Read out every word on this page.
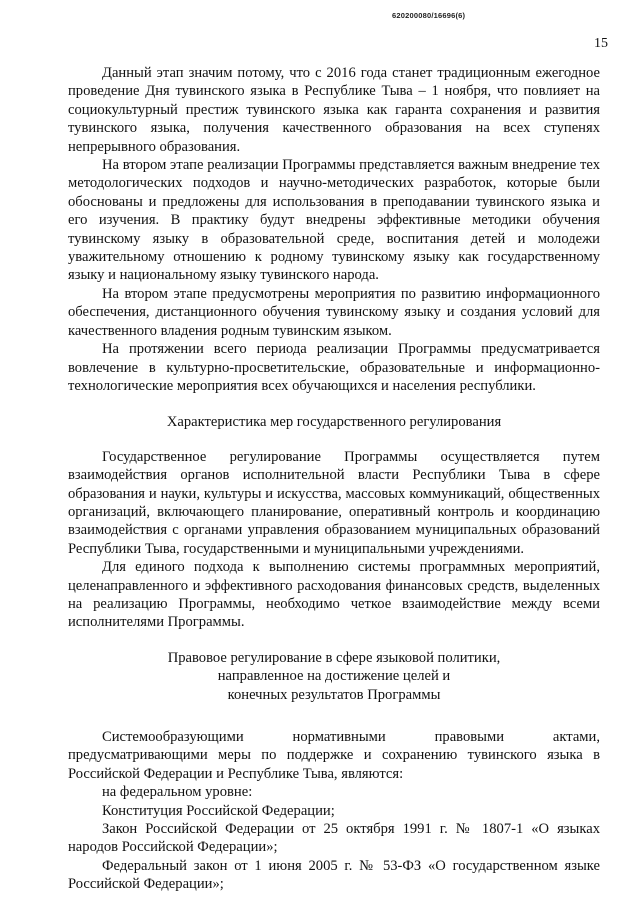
620200080/16696(6)
15

Данный этап значим потому, что с 2016 года станет традиционным ежегодное проведение Дня тувинского языка в Республике Тыва – 1 ноября, что повлияет на социокультурный престиж тувинского языка как гаранта сохранения и развития тувинского языка, получения качественного образования на всех ступенях непрерывного образования.

На втором этапе реализации Программы представляется важным внедрение тех методологических подходов и научно-методических разработок, которые были обоснованы и предложены для использования в преподавании тувинского языка и его изучения. В практику будут внедрены эффективные методики обучения тувинскому языку в образовательной среде, воспитания детей и молодежи уважительному отношению к родному тувинскому языку как государственному языку и национальному языку тувинского народа.

На втором этапе предусмотрены мероприятия по развитию информационного обеспечения, дистанционного обучения тувинскому языку и создания условий для качественного владения родным тувинским языком.

На протяжении всего периода реализации Программы предусматривается вовлечение в культурно-просветительские, образовательные и информационно-технологические мероприятия всех обучающихся и населения республики.

Характеристика мер государственного регулирования

Государственное регулирование Программы осуществляется путем взаимодействия органов исполнительной власти Республики Тыва в сфере образования и науки, культуры и искусства, массовых коммуникаций, общественных организаций, включающего планирование, оперативный контроль и координацию взаимодействия с органами управления образованием муниципальных образований Республики Тыва, государственными и муниципальными учреждениями.

Для единого подхода к выполнению системы программных мероприятий, целенаправленного и эффективного расходования финансовых средств, выделенных на реализацию Программы, необходимо четкое взаимодействие между всеми исполнителями Программы.

Правовое регулирование в сфере языковой политики,

направленное на достижение целей и

конечных результатов Программы

Системообразующими нормативными правовыми актами, предусматривающими меры по поддержке и сохранению тувинского языка в Российской Федерации и Республике Тыва, являются:

на федеральном уровне:

Конституция Российской Федерации;

Закон Российской Федерации от 25 октября 1991 г. № 1807-1 «О языках народов Российской Федерации»;

Федеральный закон от 1 июня 2005 г. № 53-ФЗ «О государственном языке Российской Федерации»;
